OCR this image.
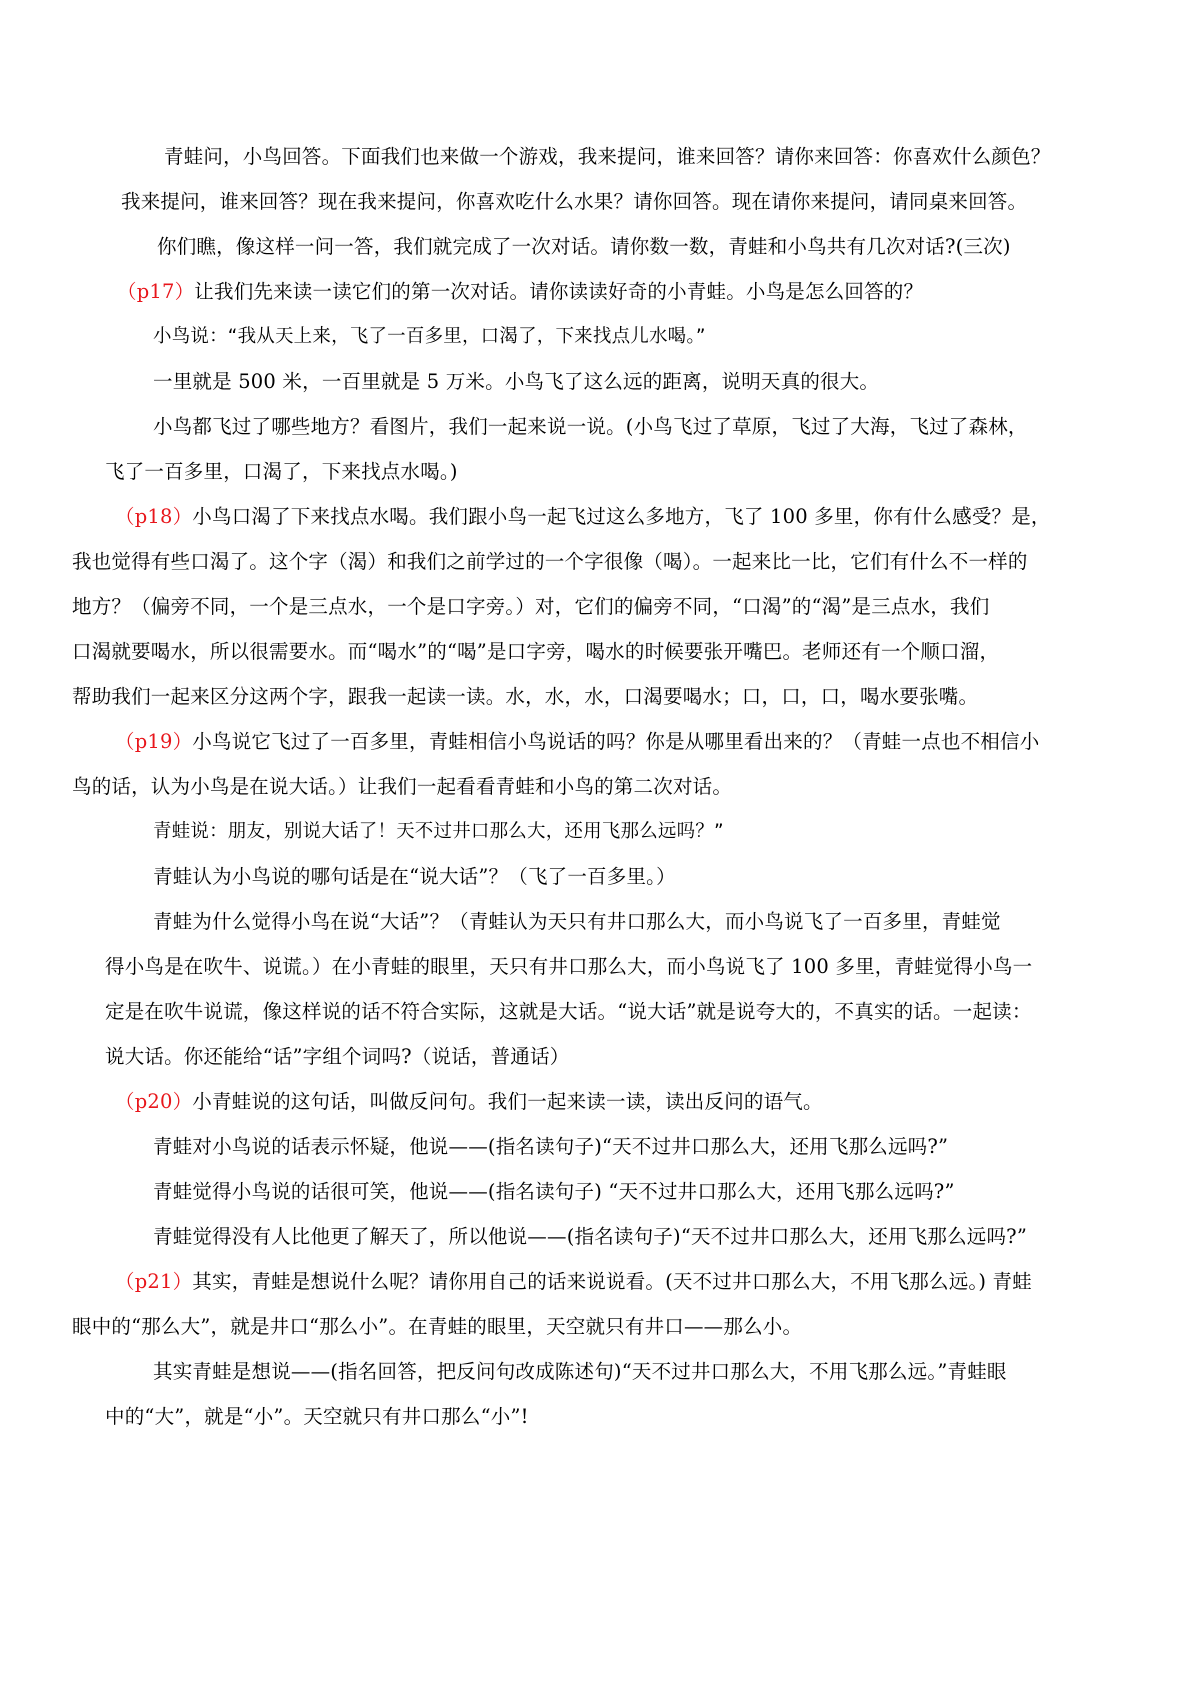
青蛙问，小鸟回答。下面我们也来做一个游戏，我来提问，谁来回答？请你来回答：你喜欢什么颜色？
我来提问，谁来回答？现在我来提问，你喜欢吃什么水果？请你回答。现在请你来提问，请同桌来回答。
你们瞧，像这样一问一答，我们就完成了一次对话。请你数一数，青蛙和小鸟共有几次对话?(三次)
（p17）让我们先来读一读它们的第一次对话。请你读读好奇的小青蛙。小鸟是怎么回答的？
小鸟说：“我从天上来，飞了一百多里，口渴了，下来找点儿水喝。”
一里就是 500 米，一百里就是 5 万米。小鸟飞了这么远的距离，说明天真的很大。
小鸟都飞过了哪些地方？看图片，我们一起来说一说。(小鸟飞过了草原，飞过了大海，飞过了森林，
飞了一百多里，口渴了，下来找点水喝。)
（p18）小鸟口渴了下来找点水喝。我们跟小鸟一起飞过这么多地方，飞了 100 多里，你有什么感受？是，
我也觉得有些口渴了。这个字（渴）和我们之前学过的一个字很像（喝）。一起来比一比，它们有什么不一样的
地方？（偏旁不同，一个是三点水，一个是口字旁。）对，它们的偏旁不同，“口渴”的“渴”是三点水，我们
口渴就要喝水，所以很需要水。而“喝水”的“喝”是口字旁，喝水的时候要张开嘴巴。老师还有一个顺口溜，
帮助我们一起来区分这两个字，跟我一起读一读。水，水，水，口渴要喝水；口，口，口，喝水要张嘴。
（p19）小鸟说它飞过了一百多里，青蛙相信小鸟说话的吗？你是从哪里看出来的？（青蛙一点也不相信小
鸟的话，认为小鸟是在说大话。）让我们一起看看青蛙和小鸟的第二次对话。
青蛙说：朋友，别说大话了！天不过井口那么大，还用飞那么远吗？”
青蛙认为小鸟说的哪句话是在“说大话”？（飞了一百多里。）
青蛙为什么觉得小鸟在说“大话”？（青蛙认为天只有井口那么大，而小鸟说飞了一百多里，青蛙觉
得小鸟是在吹牛、说谎。）在小青蛙的眼里，天只有井口那么大，而小鸟说飞了 100 多里，青蛙觉得小鸟一
定是在吹牛说谎，像这样说的话不符合实际，这就是大话。“说大话”就是说夸大的，不真实的话。一起读：
说大话。你还能给“话”字组个词吗?（说话，普通话）
（p20）小青蛙说的这句话，叫做反问句。我们一起来读一读，读出反问的语气。
青蛙对小鸟说的话表示怀疑，他说——(指名读句子)“天不过井口那么大，还用飞那么远吗?”
青蛙觉得小鸟说的话很可笑，他说——(指名读句子) “天不过井口那么大，还用飞那么远吗?”
青蛙觉得没有人比他更了解天了，所以他说——(指名读句子)“天不过井口那么大，还用飞那么远吗?”
（p21）其实，青蛙是想说什么呢？请你用自己的话来说说看。(天不过井口那么大，不用飞那么远。) 青蛙
眼中的“那么大”，就是井口“那么小”。在青蛙的眼里，天空就只有井口——那么小。
其实青蛙是想说——(指名回答，把反问句改成陈述句)“天不过井口那么大，不用飞那么远。”青蛙眼
中的“大”，就是“小”。天空就只有井口那么“小”!
